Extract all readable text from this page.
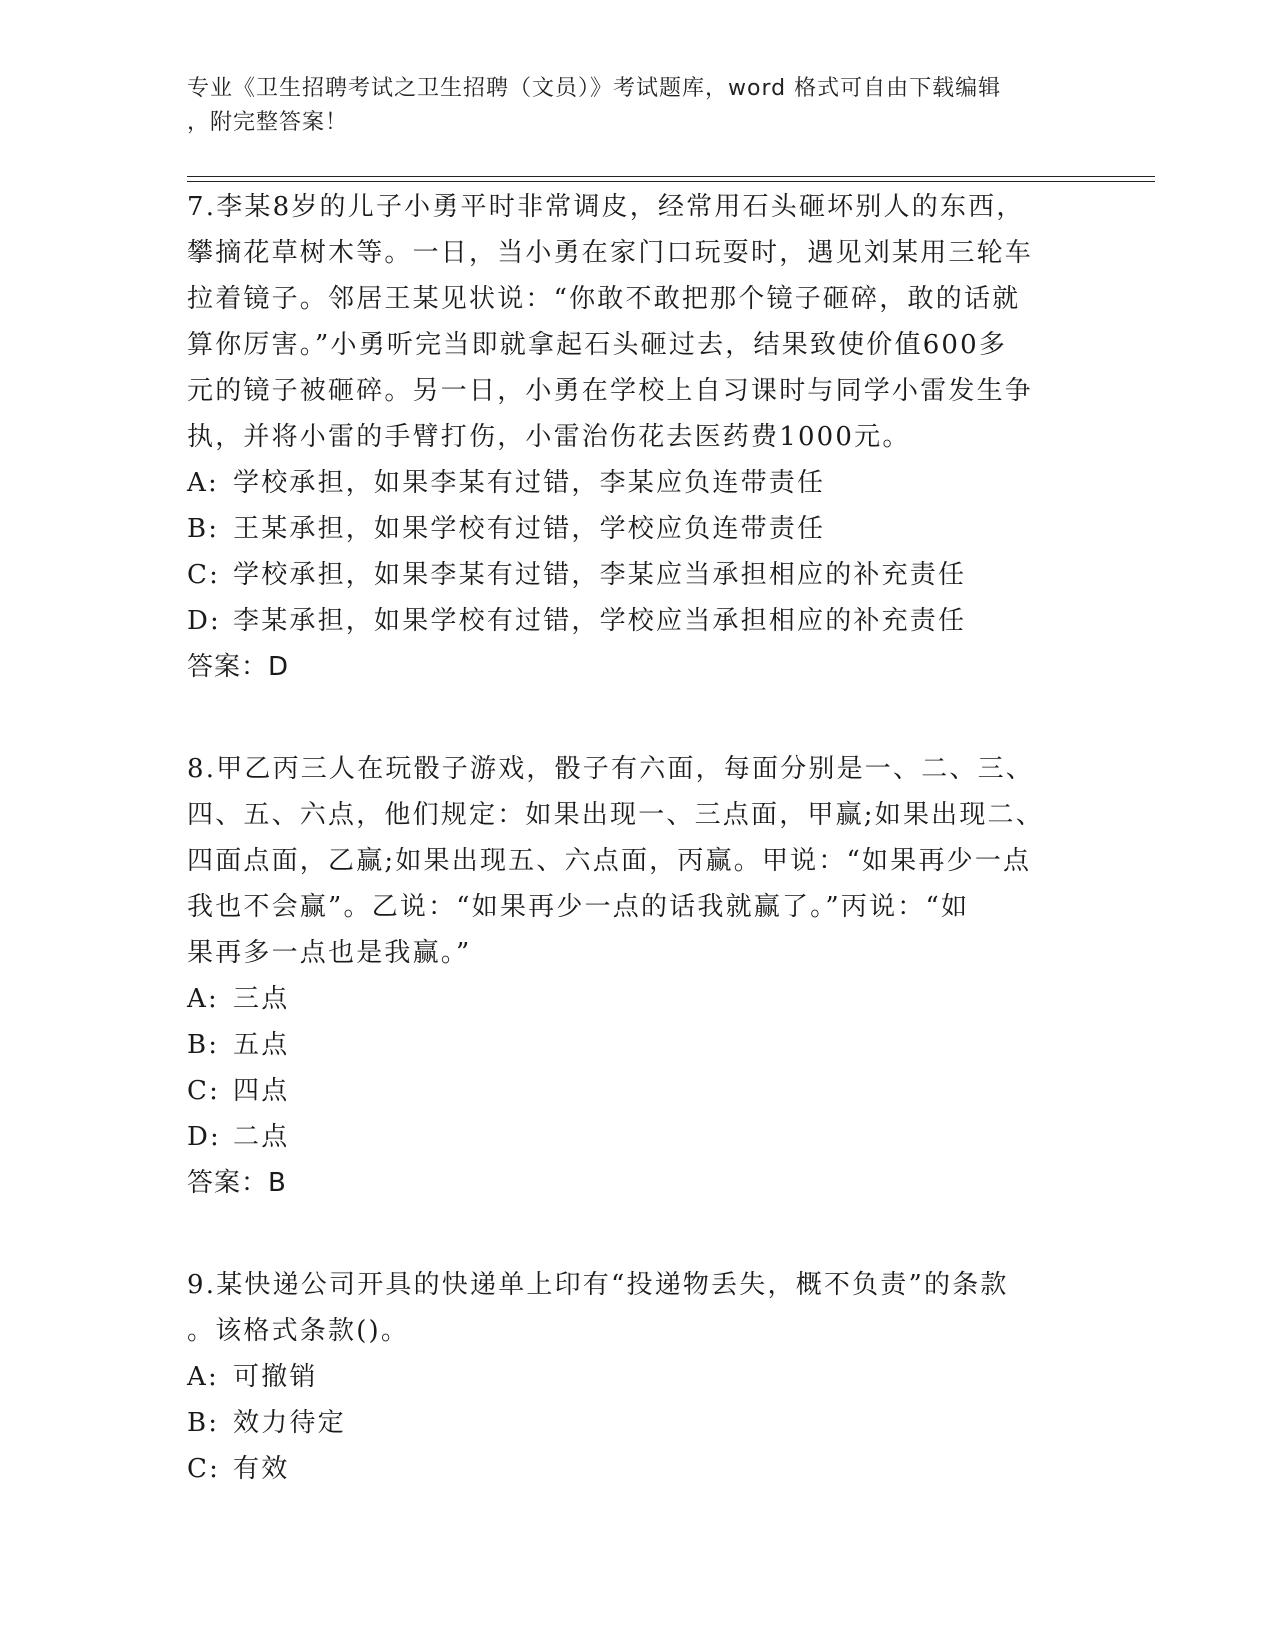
专业《卫生招聘考试之卫生招聘（文员）》考试题库，word 格式可自由下载编辑
，附完整答案！
7.李某8岁的儿子小勇平时非常调皮，经常用石头砸坏别人的东西，
攀摘花草树木等。一日，当小勇在家门口玩耍时，遇见刘某用三轮车
拉着镜子。邻居王某见状说：“你敢不敢把那个镜子砸碎，敢的话就
算你厉害。”小勇听完当即就拿起石头砸过去，结果致使价值600多
元的镜子被砸碎。另一日，小勇在学校上自习课时与同学小雷发生争
执，并将小雷的手臂打伤，小雷治伤花去医药费1000元。
A: 学校承担，如果李某有过错，李某应负连带责任
B: 王某承担，如果学校有过错，学校应负连带责任
C: 学校承担，如果李某有过错，李某应当承担相应的补充责任
D: 李某承担，如果学校有过错，学校应当承担相应的补充责任
答案：D
8.甲乙丙三人在玩骰子游戏，骰子有六面，每面分别是一、二、三、
四、五、六点，他们规定：如果出现一、三点面，甲赢;如果出现二、
四面点面，乙赢;如果出现五、六点面，丙赢。甲说：“如果再少一点
我也不会赢”。乙说：“如果再少一点的话我就赢了。”丙说：“如
果再多一点也是我赢。”
A: 三点
B: 五点
C: 四点
D: 二点
答案：B
9.某快递公司开具的快递单上印有“投递物丢失，概不负责”的条款
。该格式条款()。
A: 可撤销
B: 效力待定
C: 有效
